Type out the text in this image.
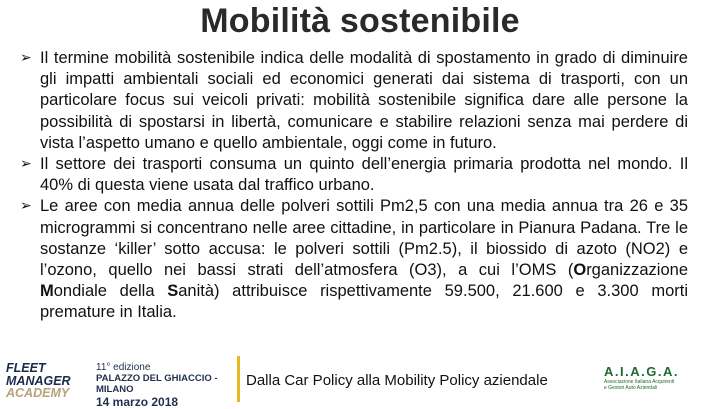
Mobilità sostenibile
➢ Il termine mobilità sostenibile indica delle modalità di spostamento in grado di diminuire gli impatti ambientali sociali ed economici generati dai sistema di trasporti, con un particolare focus sui veicoli privati: mobilità sostenibile significa dare alle persone la possibilità di spostarsi in libertà, comunicare e stabilire relazioni senza mai perdere di vista l’aspetto umano e quello ambientale, oggi come in futuro.
➢ Il settore dei trasporti consuma un quinto dell’energia primaria prodotta nel mondo. Il 40% di questa viene usata dal traffico urbano.
➢ Le aree con media annua delle polveri sottili Pm2,5 con una media annua tra 26 e 35 microgrammi si concentrano nelle aree cittadine, in particolare in Pianura Padana. Tre le sostanze ‘killer’ sotto accusa: le polveri sottili (Pm2.5), il biossido di azoto (NO2) e l’ozono, quello nei bassi strati dell’atmosfera (O3), a cui l’OMS (Organizzazione Mondiale della Sanità) attribuisce rispettivamente 59.500, 21.600 e 3.300 morti premature in Italia.
FLEET
MANAGER
ACADEMY
11° edizione
PALAZZO DEL GHIACCIO - MILANO
14 marzo 2018
Dalla Car Policy alla Mobility Policy aziendale
A.I.A.G.A.
Associazione Italiana Acquirenti
e Gestori Auto Aziendali
